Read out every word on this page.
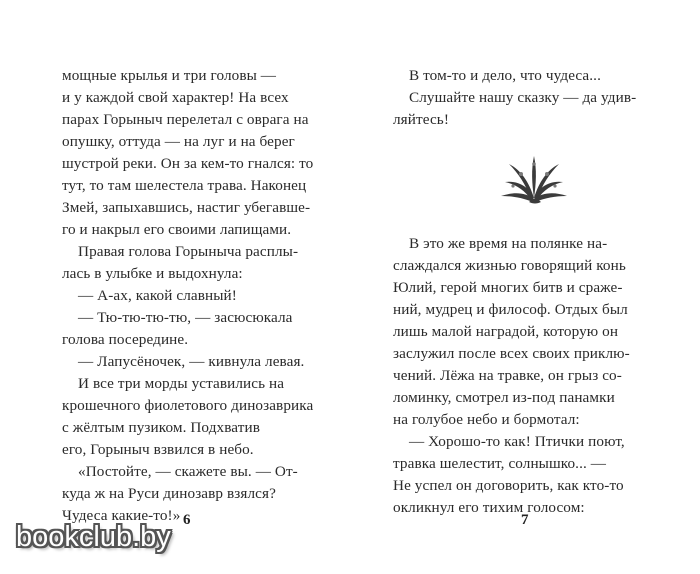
мощные крылья и три головы —
и у каждой свой характер! На всех
парах Горыныч перелетал с оврага на
опушку, оттуда — на луг и на берег
шустрой реки. Он за кем-то гнался: то
тут, то там шелестела трава. Наконец
Змей, запыхавшись, настиг убегавше-
го и накрыл его своими лапищами.
Правая голова Горыныча расплы-
лась в улыбке и выдохнула:
— А-ах, какой славный!
— Тю-тю-тю-тю, — засюсюкала
голова посередине.
— Лапусёночек, — кивнула левая.
И все три морды уставились на
крошечного фиолетового динозаврика
с жёлтым пузиком. Подхватив
его, Горыныч взвился в небо.
«Постойте, — скажете вы. — От-
куда ж на Руси динозавр взялся?
Чудеса какие-то!» 6
В том-то и дело, что чудеса...
Слушайте нашу сказку — да удив-
ляйтесь!
В это же время на полянке на-
слаждался жизнью говорящий конь
Юлий, герой многих битв и сраже-
ний, мудрец и философ. Отдых был
лишь малой наградой, которую он
заслужил после всех своих приклю-
чений. Лёжа на травке, он грыз со-
ломинку, смотрел из-под панамки
на голубое небо и бормотал:
— Хорошо-то как! Птички поют,
травка шелестит, солнышко... —
Не успел он договорить, как кто-то
окликнул его тихим голосом:
7
bookclub.by
